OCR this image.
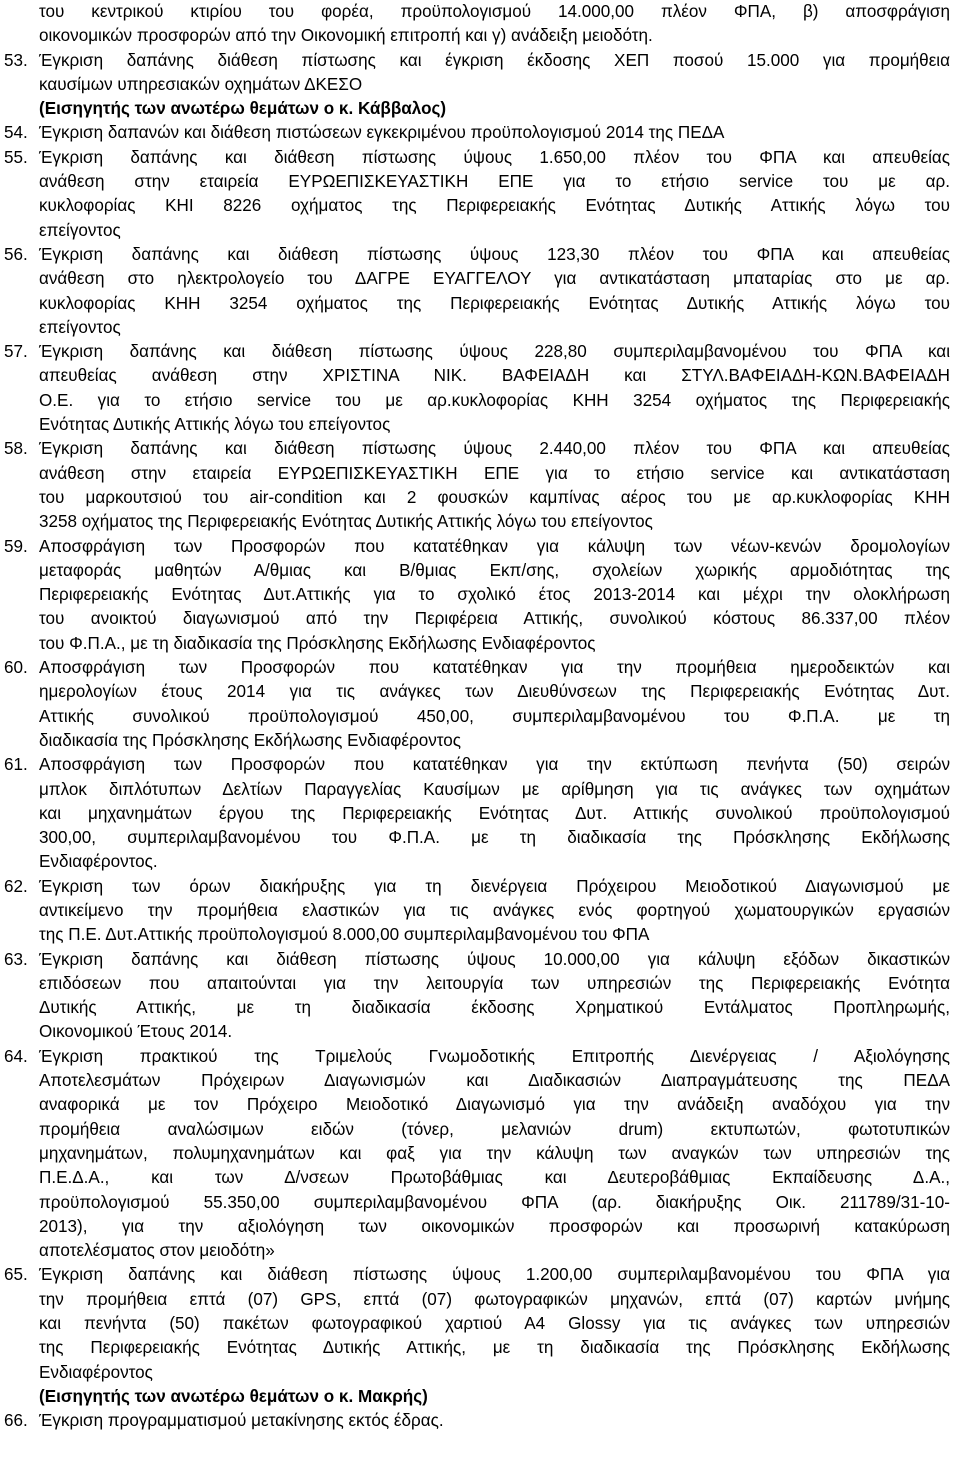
του κεντρικού κτιρίου του φορέα, προϋπολογισμού 14.000,00 πλέον ΦΠΑ, β) αποσφράγιση
οικονομικών προσφορών από την Οικονομική επιτροπή και γ) ανάδειξη μειοδότη.
53. Έγκριση δαπάνης διάθεση πίστωσης και έγκριση έκδοσης ΧΕΠ ποσού 15.000 για προμήθεια
καυσίμων υπηρεσιακών οχημάτων ΔΚΕΣΟ
(Εισηγητής των ανωτέρω θεμάτων ο κ. Κάββαλος)
54. Έγκριση δαπανών και διάθεση πιστώσεων εγκεκριμένου προϋπολογισμού 2014 της ΠΕΔΑ
55. Έγκριση δαπάνης και διάθεση πίστωσης ύψους 1.650,00 πλέον του ΦΠΑ και απευθείας
ανάθεση στην εταιρεία ΕΥΡΩΕΠΙΣΚΕΥΑΣΤΙΚΗ ΕΠΕ για το ετήσιο service του με αρ.
κυκλοφορίας ΚΗΙ 8226 οχήματος της Περιφερειακής Ενότητας Δυτικής Αττικής λόγω του
επείγοντος
56. Έγκριση δαπάνης και διάθεση πίστωσης ύψους 123,30 πλέον του ΦΠΑ και απευθείας
ανάθεση στο ηλεκτρολογείο του ΔΑΓΡΕ ΕΥΑΓΓΕΛΟΥ για αντικατάσταση μπαταρίας στο με αρ.
κυκλοφορίας ΚΗΗ 3254 οχήματος της Περιφερειακής Ενότητας Δυτικής Αττικής λόγω του
επείγοντος
57. Έγκριση δαπάνης και διάθεση πίστωσης ύψους 228,80 συμπεριλαμβανομένου του ΦΠΑ και
απευθείας ανάθεση στην ΧΡΙΣΤΙΝΑ ΝΙΚ. ΒΑΦΕΙΑΔΗ και ΣΤΥΛ.ΒΑΦΕΙΑΔΗ-ΚΩΝ.ΒΑΦΕΙΑΔΗ
Ο.Ε. για το ετήσιο service του με αρ.κυκλοφορίας ΚΗΗ 3254 οχήματος της Περιφερειακής
Ενότητας Δυτικής Αττικής λόγω του επείγοντος
58. Έγκριση δαπάνης και διάθεση πίστωσης ύψους 2.440,00 πλέον του ΦΠΑ και απευθείας
ανάθεση στην εταιρεία ΕΥΡΩΕΠΙΣΚΕΥΑΣΤΙΚΗ ΕΠΕ για το ετήσιο service και αντικατάσταση
του μαρκουτσιού του air-condition και 2 φουσκών καμπίνας αέρος του με αρ.κυκλοφορίας ΚΗΗ
3258 οχήματος της Περιφερειακής Ενότητας Δυτικής Αττικής λόγω του επείγοντος
59. Αποσφράγιση των Προσφορών που κατατέθηκαν για κάλυψη των νέων-κενών δρομολογίων
μεταφοράς μαθητών Α/θμιας και Β/θμιας Εκπ/σης, σχολείων χωρικής αρμοδιότητας της
Περιφερειακής Ενότητας Δυτ.Αττικής για το σχολικό έτος 2013-2014 και μέχρι την ολοκλήρωση
του ανοικτού διαγωνισμού από την Περιφέρεια Αττικής, συνολικού κόστους 86.337,00 πλέον
του Φ.Π.Α., με τη διαδικασία της Πρόσκλησης Εκδήλωσης Ενδιαφέροντος
60. Αποσφράγιση των Προσφορών που κατατέθηκαν για την προμήθεια ημεροδεικτών και
ημερολογίων έτους 2014 για τις ανάγκες των Διευθύνσεων της Περιφερειακής Ενότητας Δυτ.
Αττικής συνολικού προϋπολογισμού 450,00, συμπεριλαμβανομένου του Φ.Π.Α. με τη
διαδικασία της Πρόσκλησης Εκδήλωσης Ενδιαφέροντος
61. Αποσφράγιση των Προσφορών που κατατέθηκαν για την εκτύπωση πενήντα (50) σειρών
μπλοκ διπλότυπων Δελτίων Παραγγελίας Καυσίμων με αρίθμηση για τις ανάγκες των οχημάτων
και μηχανημάτων έργου της Περιφερειακής Ενότητας Δυτ. Αττικής συνολικού προϋπολογισμού
300,00, συμπεριλαμβανομένου του Φ.Π.Α. με τη διαδικασία της Πρόσκλησης Εκδήλωσης
Ενδιαφέροντος.
62. Έγκριση των όρων διακήρυξης για τη διενέργεια Πρόχειρου Μειοδοτικού Διαγωνισμού με
αντικείμενο την προμήθεια ελαστικών για τις ανάγκες ενός φορτηγού χωματουργικών εργασιών
της Π.Ε. Δυτ.Αττικής προϋπολογισμού 8.000,00 συμπεριλαμβανομένου του ΦΠΑ
63. Έγκριση δαπάνης και διάθεση πίστωσης ύψους 10.000,00 για κάλυψη εξόδων δικαστικών
επιδόσεων που απαιτούνται για την λειτουργία των υπηρεσιών της Περιφερειακής Ενότητα
Δυτικής Αττικής, με τη διαδικασία έκδοσης Χρηματικού Εντάλματος Προπληρωμής,
Οικονομικού Έτους 2014.
64. Έγκριση πρακτικού της Τριμελούς Γνωμοδοτικής Επιτροπής Διενέργειας / Αξιολόγησης
Αποτελεσμάτων Πρόχειρων Διαγωνισμών και Διαδικασιών Διαπραγμάτευσης της ΠΕΔΑ
αναφορικά με τον Πρόχειρο Μειοδοτικό Διαγωνισμό για την ανάδειξη αναδόχου για την
προμήθεια αναλώσιμων ειδών (τόνερ, μελανιών drum) εκτυπωτών, φωτοτυπικών
μηχανημάτων, πολυμηχανημάτων και φαξ για την κάλυψη των αναγκών των υπηρεσιών της
Π.Ε.Δ.Α., και των Δ/νσεων Πρωτοβάθμιας και Δευτεροβάθμιας Εκπαίδευσης Δ.Α.,
προϋπολογισμού 55.350,00 συμπεριλαμβανομένου ΦΠΑ (αρ. διακήρυξης Οικ. 211789/31-10-
2013), για την αξιολόγηση των οικονομικών προσφορών και προσωρινή κατακύρωση
αποτελέσματος στον μειοδότη»
65. Έγκριση δαπάνης και διάθεση πίστωσης ύψους 1.200,00 συμπεριλαμβανομένου του ΦΠΑ για
την προμήθεια επτά (07) GPS, επτά (07) φωτογραφικών μηχανών, επτά (07) καρτών μνήμης
και πενήντα (50) πακέτων φωτογραφικού χαρτιού Α4 Glossy για τις ανάγκες των υπηρεσιών
της Περιφερειακής Ενότητας Δυτικής Αττικής, με τη διαδικασία της Πρόσκλησης Εκδήλωσης
Ενδιαφέροντος
(Εισηγητής των ανωτέρω θεμάτων ο κ. Μακρής)
66. Έγκριση προγραμματισμού μετακίνησης εκτός έδρας.
